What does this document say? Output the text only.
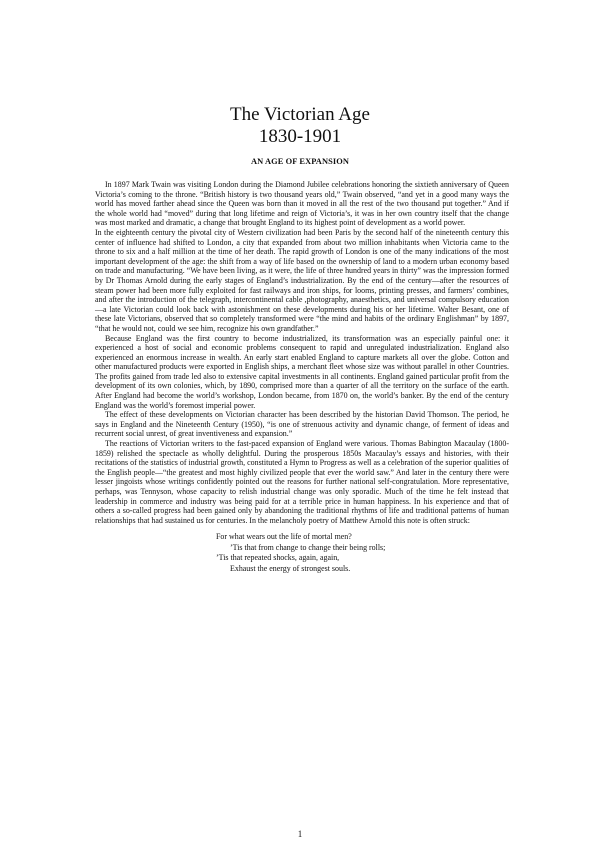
The Victorian Age
1830-1901
AN AGE OF EXPANSION

In 1897 Mark Twain was visiting London during the Diamond Jubilee celebrations honoring the sixtieth anniversary of Queen Victoria’s coming to the throne. “British history is two thousand years old,” Twain observed, “and yet in a good many ways the world has moved farther ahead since the Queen was born than it moved in all the rest of the two thousand put together.” And if the whole world had “moved” during that long lifetime and reign of Victoria’s, it was in her own country itself that the change was most marked and dramatic, a change that brought England to its highest point of development as a world power.

In the eighteenth century the pivotal city of Western civilization had been Paris by the second half of the nineteenth century this center of influence had shifted to London, a city that expanded from about two million inhabitants when Victoria came to the throne to six and a half million at the time of her death. The rapid growth of London is one of the many indications of the most important development of the age: the shift from a way of life based on the ownership of land to a modern urban economy based on trade and manufacturing. “We have been living, as it were, the life of three hundred years in thirty” was the impression formed by Dr Thomas Arnold during the early stages of England’s industrialization. By the end of the century—after the resources of steam power had been more fully exploited for fast railways and iron ships, for looms, printing presses, and farmers’ combines, and after the introduction of the telegraph, intercontinental cable ,photography, anaesthetics, and universal compulsory education—a late Victorian could look back with astonishment on these developments during his or her lifetime. Walter Besant, one of these late Victorians, observed that so completely transformed were “the mind and habits of the ordinary Englishman” by 1897, “that he would not, could we see him, recognize his own grandfather.”

Because England was the first country to become industrialized, its transformation was an especially painful one: it experienced a host of social and economic problems consequent to rapid and unregulated industrialization. England also experienced an enormous increase in wealth. An early start enabled England to capture markets all over the globe. Cotton and other manufactured products were exported in English ships, a merchant fleet whose size was without parallel in other Countries. The profits gained from trade led also to extensive capital investments in all continents. England gained particular profit from the development of its own colonies, which, by 1890, comprised more than a quarter of all the territory on the surface of the earth. After England had become the world’s workshop, London became, from 1870 on, the world’s banker. By the end of the century England was the world’s foremost imperial power.

The effect of these developments on Victorian character has been described by the historian David Thomson. The period, he says in England and the Nineteenth Century (1950), “is one of strenuous activity and dynamic change, of ferment of ideas and recurrent social unrest, of great inventiveness and expansion.”

The reactions of Victorian writers to the fast-paced expansion of England were various. Thomas Babington Macaulay (1800-1859) relished the spectacle as wholly delightful. During the prosperous 1850s Macaulay’s essays and histories, with their recitations of the statistics of industrial growth, constituted a Hymn to Progress as well as a celebration of the superior qualities of the English people—“the greatest and most highly civilized people that ever the world saw.” And later in the century there were lesser jingoists whose writings confidently pointed out the reasons for further national self-congratulation. More representative, perhaps, was Tennyson, whose capacity to relish industrial change was only sporadic. Much of the time he felt instead that leadership in commerce and industry was being paid for at a terrible price in human happiness. In his experience and that of others a so-called progress had been gained only by abandoning the traditional rhythms of life and traditional patterns of human relationships that had sustained us for centuries. In the melancholy poetry of Matthew Arnold this note is often struck:

For what wears out the life of mortal men?
’Tis that from change to change their being rolls;
’Tis that repeated shocks, again, again,
Exhaust the energy of strongest souls.
1
